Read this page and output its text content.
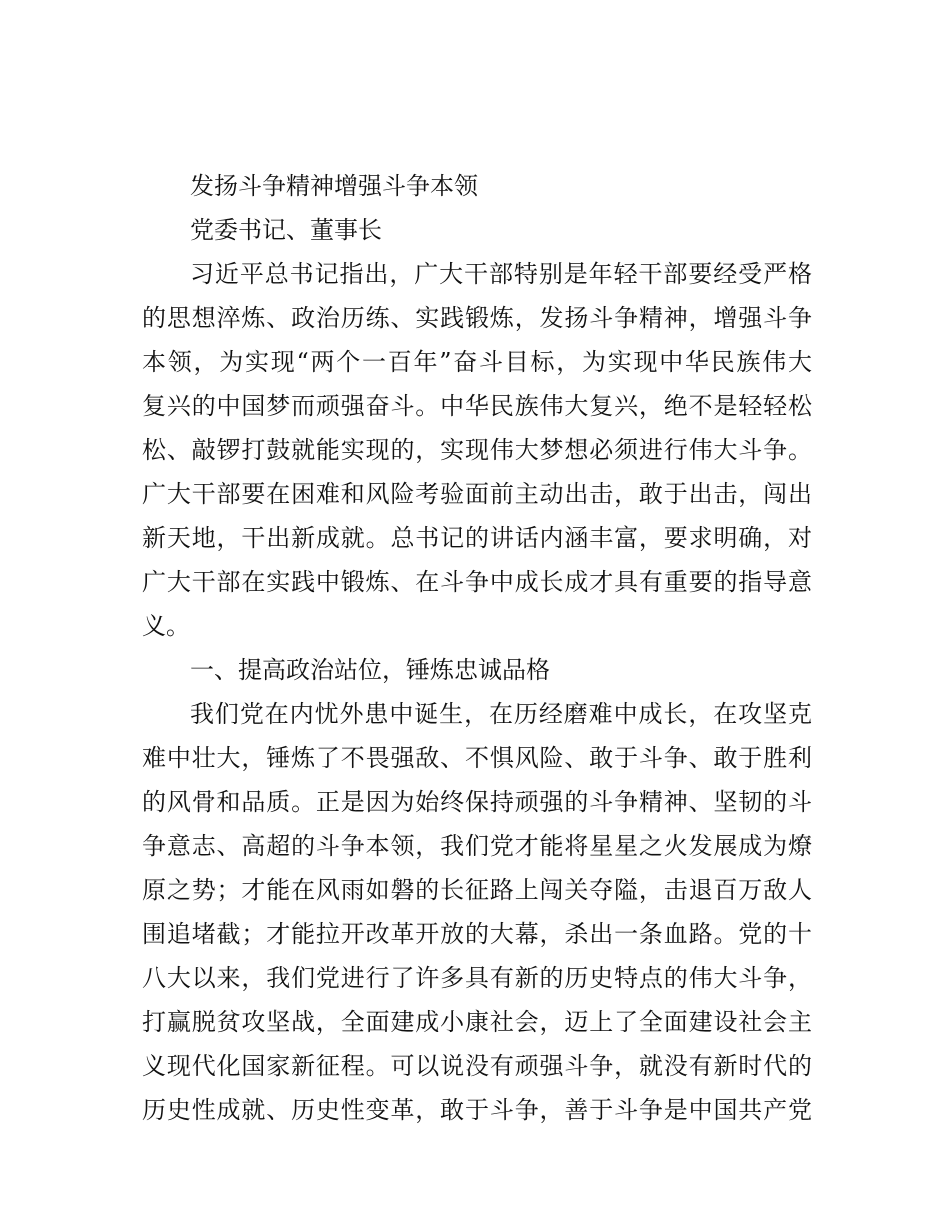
发扬斗争精神增强斗争本领
党委书记、董事长
习近平总书记指出，广大干部特别是年轻干部要经受严格
的思想淬炼、政治历练、实践锻炼，发扬斗争精神，增强斗争
本领，为实现“两个一百年”奋斗目标，为实现中华民族伟大
复兴的中国梦而顽强奋斗。中华民族伟大复兴，绝不是轻轻松
松、敲锣打鼓就能实现的，实现伟大梦想必须进行伟大斗争。
广大干部要在困难和风险考验面前主动出击，敢于出击，闯出
新天地，干出新成就。总书记的讲话内涵丰富，要求明确，对
广大干部在实践中锻炼、在斗争中成长成才具有重要的指导意
义。
一、提高政治站位，锤炼忠诚品格
我们党在内忧外患中诞生，在历经磨难中成长，在攻坚克
难中壮大，锤炼了不畏强敌、不惧风险、敢于斗争、敢于胜利
的风骨和品质。正是因为始终保持顽强的斗争精神、坚韧的斗
争意志、高超的斗争本领，我们党才能将星星之火发展成为燎
原之势；才能在风雨如磐的长征路上闯关夺隘，击退百万敌人
围追堵截；才能拉开改革开放的大幕，杀出一条血路。党的十
八大以来，我们党进行了许多具有新的历史特点的伟大斗争，
打赢脱贫攻坚战，全面建成小康社会，迈上了全面建设社会主
义现代化国家新征程。可以说没有顽强斗争，就没有新时代的
历史性成就、历史性变革，敢于斗争，善于斗争是中国共产党
